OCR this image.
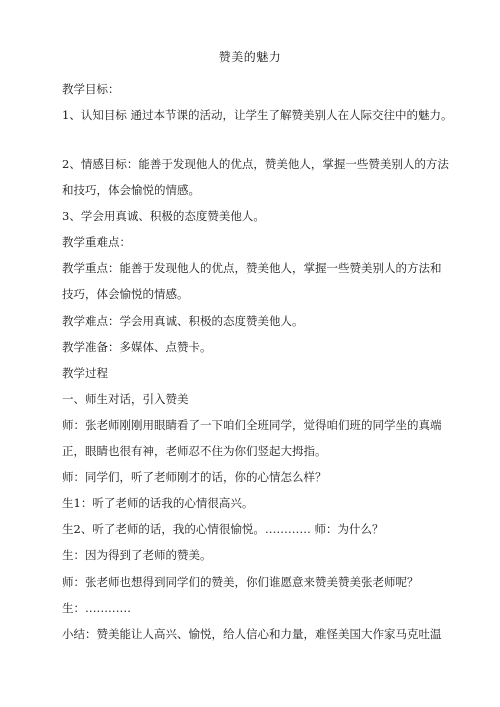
赞美的魅力
教学目标：
1、认知目标 通过本节课的活动，让学生了解赞美别人在人际交往中的魅力。
2、情感目标：能善于发现他人的优点，赞美他人，掌握一些赞美别人的方法
和技巧，体会愉悦的情感。
3、学会用真诚、积极的态度赞美他人。
教学重难点：
教学重点：能善于发现他人的优点，赞美他人，掌握一些赞美别人的方法和
技巧，体会愉悦的情感。
教学难点：学会用真诚、积极的态度赞美他人。
教学准备：多媒体、点赞卡。
教学过程
一、师生对话，引入赞美
师：张老师刚刚用眼睛看了一下咱们全班同学，觉得咱们班的同学坐的真端
正，眼睛也很有神，老师忍不住为你们竖起大拇指。
师：同学们，听了老师刚才的话，你的心情怎么样？
生1：听了老师的话我的心情很高兴。
生2、听了老师的话，我的心情很愉悦。………… 师：为什么？
生：因为得到了老师的赞美。
师：张老师也想得到同学们的赞美，你们谁愿意来赞美赞美张老师呢？
生：…………
小结：赞美能让人高兴、愉悦，给人信心和力量，难怪美国大作家马克吐温
